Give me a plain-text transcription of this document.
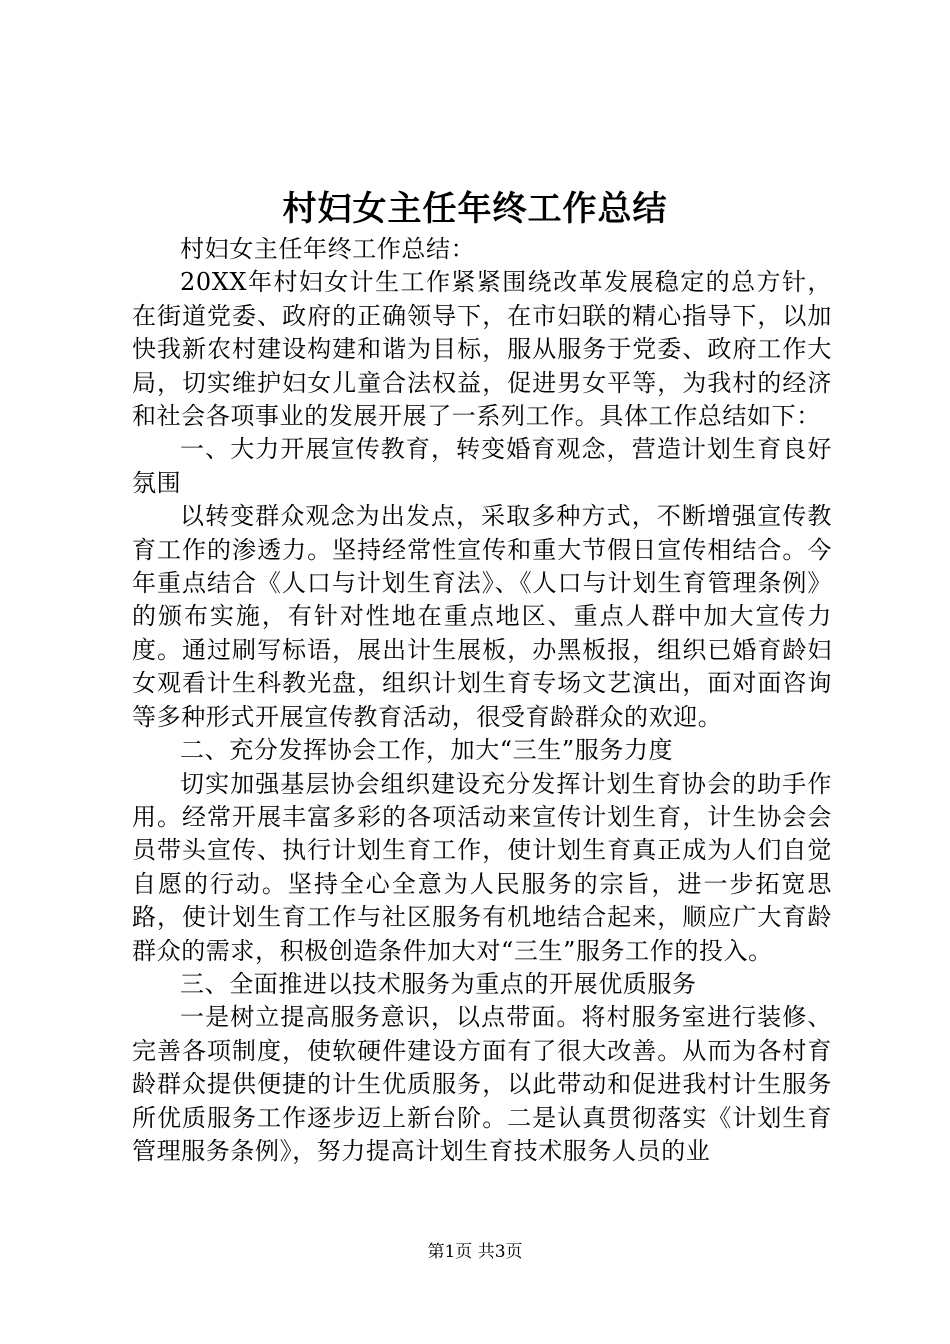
村妇女主任年终工作总结

村妇女主任年终工作总结：

20XX年村妇女计生工作紧紧围绕改革发展稳定的总方针，在街道党委、政府的正确领导下，在市妇联的精心指导下，以加快我新农村建设构建和谐为目标，服从服务于党委、政府工作大局，切实维护妇女儿童合法权益，促进男女平等，为我村的经济和社会各项事业的发展开展了一系列工作。具体工作总结如下：

一、大力开展宣传教育，转变婚育观念，营造计划生育良好氛围

以转变群众观念为出发点，采取多种方式，不断增强宣传教育工作的渗透力。坚持经常性宣传和重大节假日宣传相结合。今年重点结合《人口与计划生育法》、《人口与计划生育管理条例》的颁布实施，有针对性地在重点地区、重点人群中加大宣传力度。通过刷写标语，展出计生展板，办黑板报，组织已婚育龄妇女观看计生科教光盘，组织计划生育专场文艺演出，面对面咨询等多种形式开展宣传教育活动，很受育龄群众的欢迎。

二、充分发挥协会工作，加大“三生”服务力度

切实加强基层协会组织建设充分发挥计划生育协会的助手作用。经常开展丰富多彩的各项活动来宣传计划生育，计生协会会员带头宣传、执行计划生育工作，使计划生育真正成为人们自觉自愿的行动。坚持全心全意为人民服务的宗旨，进一步拓宽思路，使计划生育工作与社区服务有机地结合起来，顺应广大育龄群众的需求，积极创造条件加大对“三生”服务工作的投入。

三、全面推进以技术服务为重点的开展优质服务

一是树立提高服务意识，以点带面。将村服务室进行装修、完善各项制度，使软硬件建设方面有了很大改善。从而为各村育龄群众提供便捷的计生优质服务，以此带动和促进我村计生服务所优质服务工作逐步迈上新台阶。二是认真贯彻落实《计划生育管理服务条例》，努力提高计划生育技术服务人员的业

第1页 共3页
